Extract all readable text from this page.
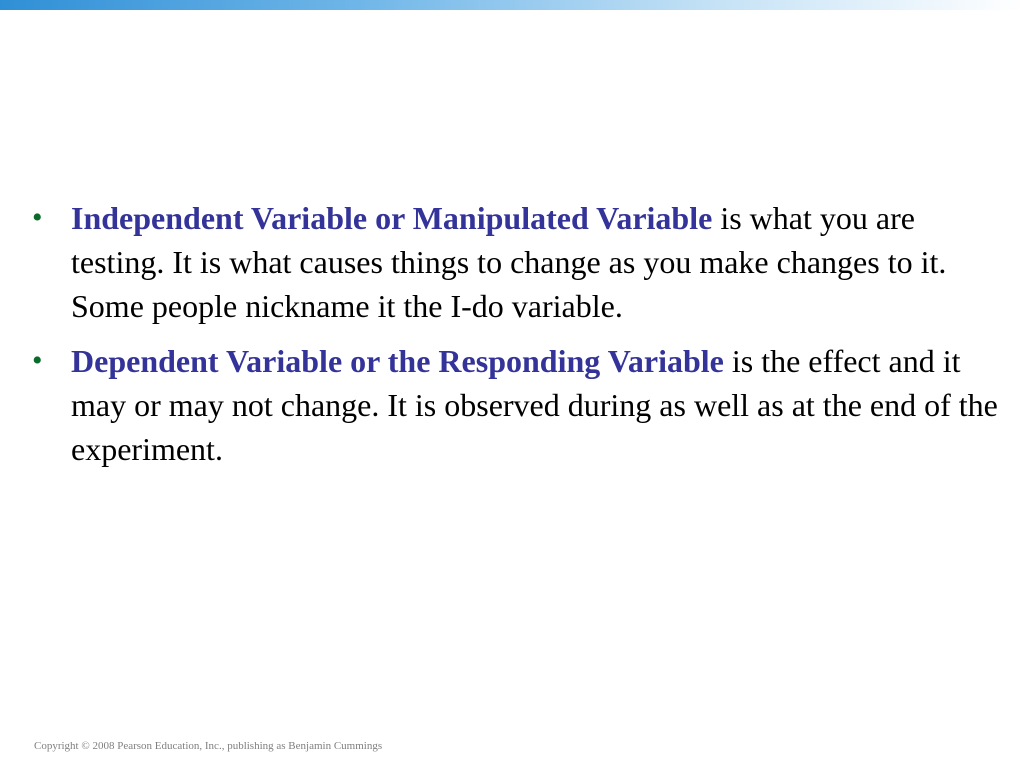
• Independent Variable or Manipulated Variable is what you are testing. It is what causes things to change as you make changes to it. Some people nickname it the I-do variable.
• Dependent Variable or the Responding Variable is the effect and it may or may not change. It is observed during as well as at the end of the experiment.
Copyright © 2008 Pearson Education, Inc., publishing as Benjamin Cummings
